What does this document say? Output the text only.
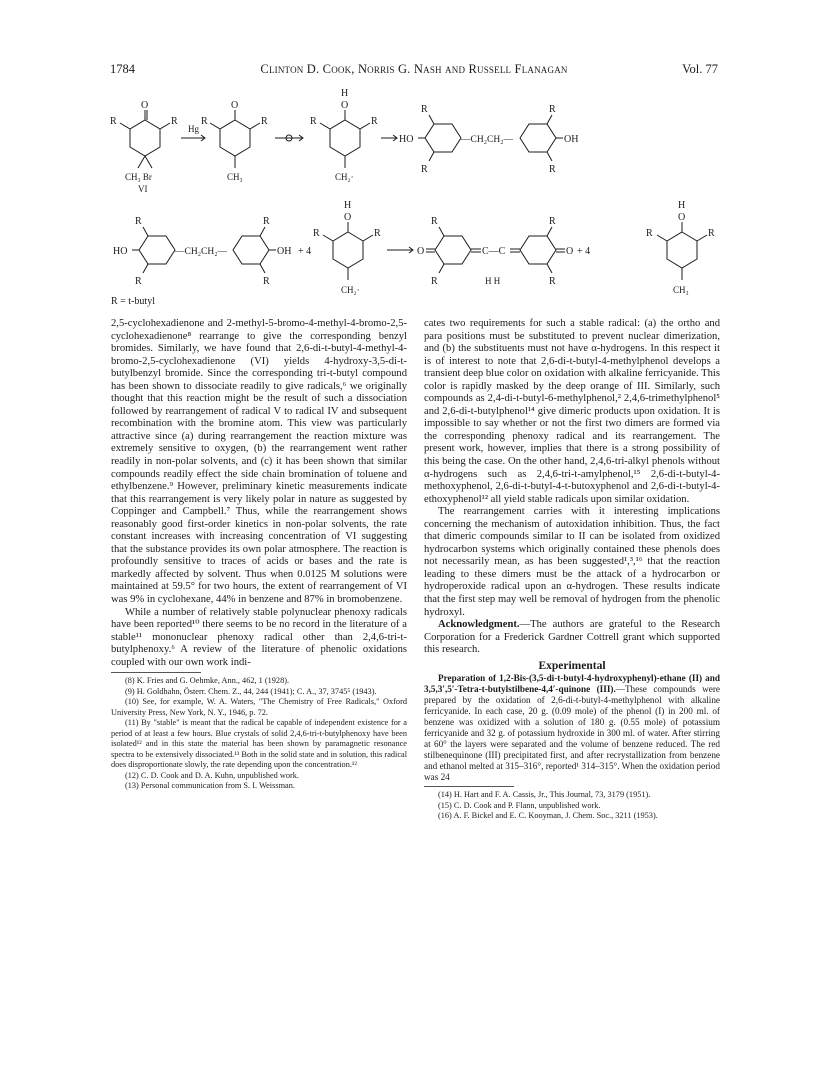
1784	Clinton D. Cook, Norris G. Nash and Russell Flanagan	Vol. 77
O
R	R
CH₃ Br
VI
Hg
O
R	R
CH₃
H
O
R	R
CH₂·
HO
R
R
—CH₂CH₂—
R
R
OH
HO
R
R
—CH₂CH₂—
R
R
OH + 4
H
O
R	R
CH₂·
O
R
R
C—C
H H
R
R
O + 4
H
O
R	R
CH₃
R = t-butyl

2,5-cyclohexadienone and 2-methyl-5-bromo-4-methyl-4-bromo-2,5-cyclohexadienone⁸ rearrange to give the corresponding benzyl bromides. Similarly, we have found that 2,6-di-t-butyl-4-methyl-4-bromo-2,5-cyclohexadienone (VI) yields 4-hydroxy-3,5-di-t-butylbenzyl bromide. Since the corresponding tri-t-butyl compound has been shown to dissociate readily to give radicals,⁶ we originally thought that this reaction might be the result of such a dissociation followed by rearrangement of radical V to radical IV and subsequent recombination with the bromine atom. This view was particularly attractive since (a) during rearrangement the reaction mixture was extremely sensitive to oxygen, (b) the rearrangement went rather readily in non-polar solvents, and (c) it has been shown that similar compounds readily effect the side chain bromination of toluene and ethylbenzene.⁹ However, preliminary kinetic measurements indicate that this rearrangement is very likely polar in nature as suggested by Coppinger and Campbell.⁷ Thus, while the rearrangement shows reasonably good first-order kinetics in non-polar solvents, the rate constant increases with increasing concentration of VI suggesting that the substance provides its own polar atmosphere. The reaction is profoundly sensitive to traces of acids or bases and the rate is markedly affected by solvent. Thus when 0.0125 M solutions were maintained at 59.5° for two hours, the extent of rearrangement of VI was 9% in cyclohexane, 44% in benzene and 87% in bromobenzene.

While a number of relatively stable polynuclear phenoxy radicals have been reported¹⁰ there seems to be no record in the literature of a stable¹¹ mononuclear phenoxy radical other than 2,4,6-tri-t-butylphenoxy.⁶ A review of the literature of phenolic oxidations coupled with our own work indi-

(8) K. Fries and G. Oehmke, Ann., 462, 1 (1928).

(9) H. Goldhahn, Österr. Chem. Z., 44, 244 (1941); C. A., 37, 3745⁵ (1943).

(10) See, for example, W. A. Waters, "The Chemistry of Free Radicals," Oxford University Press, New York, N. Y., 1946, p. 72.

(11) By "stable" is meant that the radical be capable of independent existence for a period of at least a few hours. Blue crystals of solid 2,4,6-tri-t-butylphenoxy have been isolated¹² and in this state the material has been shown by paramagnetic resonance spectra to be extensively dissociated.¹³ Both in the solid state and in solution, this radical does disproportionate slowly, the rate depending upon the concentration.¹²

(12) C. D. Cook and D. A. Kuhn, unpublished work.

(13) Personal communication from S. I. Weissman.

cates two requirements for such a stable radical: (a) the ortho and para positions must be substituted to prevent nuclear dimerization, and (b) the substituents must not have α-hydrogens. In this respect it is of interest to note that 2,6-di-t-butyl-4-methylphenol develops a transient deep blue color on oxidation with alkaline ferricyanide. This color is rapidly masked by the deep orange of III. Similarly, such compounds as 2,4-di-t-butyl-6-methylphenol,² 2,4,6-trimethylphenol⁵ and 2,6-di-t-butylphenol¹⁴ give dimeric products upon oxidation. It is impossible to say whether or not the first two dimers are formed via the corresponding phenoxy radical and its rearrangement. The present work, however, implies that there is a strong possibility of this being the case. On the other hand, 2,4,6-tri-alkyl phenols without α-hydrogens such as 2,4,6-tri-t-amylphenol,¹⁵ 2,6-di-t-butyl-4-methoxyphenol, 2,6-di-t-butyl-4-t-butoxyphenol and 2,6-di-t-butyl-4-ethoxyphenol¹² all yield stable radicals upon similar oxidation.

The rearrangement carries with it interesting implications concerning the mechanism of autoxidation inhibition. Thus, the fact that dimeric compounds similar to II can be isolated from oxidized hydrocarbon systems which originally contained these phenols does not necessarily mean, as has been suggested¹,³,¹⁶ that the reaction leading to these dimers must be the attack of a hydrocarbon or hydroperoxide radical upon an α-hydrogen. These results indicate that the first step may well be removal of hydrogen from the phenolic hydroxyl.

Acknowledgment.—The authors are grateful to the Research Corporation for a Frederick Gardner Cottrell grant which supported this research.

Experimental

Preparation of 1,2-Bis-(3,5-di-t-butyl-4-hydroxyphenyl)-ethane (II) and 3,5,3′,5′-Tetra-t-butylstilbene-4,4′-quinone (III).—These compounds were prepared by the oxidation of 2,6-di-t-butyl-4-methylphenol with alkaline ferricyanide. In each case, 20 g. (0.09 mole) of the phenol (I) in 200 ml. of benzene was oxidized with a solution of 180 g. (0.55 mole) of potassium ferricyanide and 32 g. of potassium hydroxide in 300 ml. of water. After stirring at 60° the layers were separated and the volume of benzene reduced. The red stilbenequinone (III) precipitated first, and after recrystallization from benzene and ethanol melted at 315–316°, reported¹ 314–315°. When the oxidation period was 24

(14) H. Hart and F. A. Cassis, Jr., This Journal, 73, 3179 (1951).

(15) C. D. Cook and P. Flann, unpublished work.

(16) A. F. Bickel and E. C. Kooyman, J. Chem. Soc., 3211 (1953).
